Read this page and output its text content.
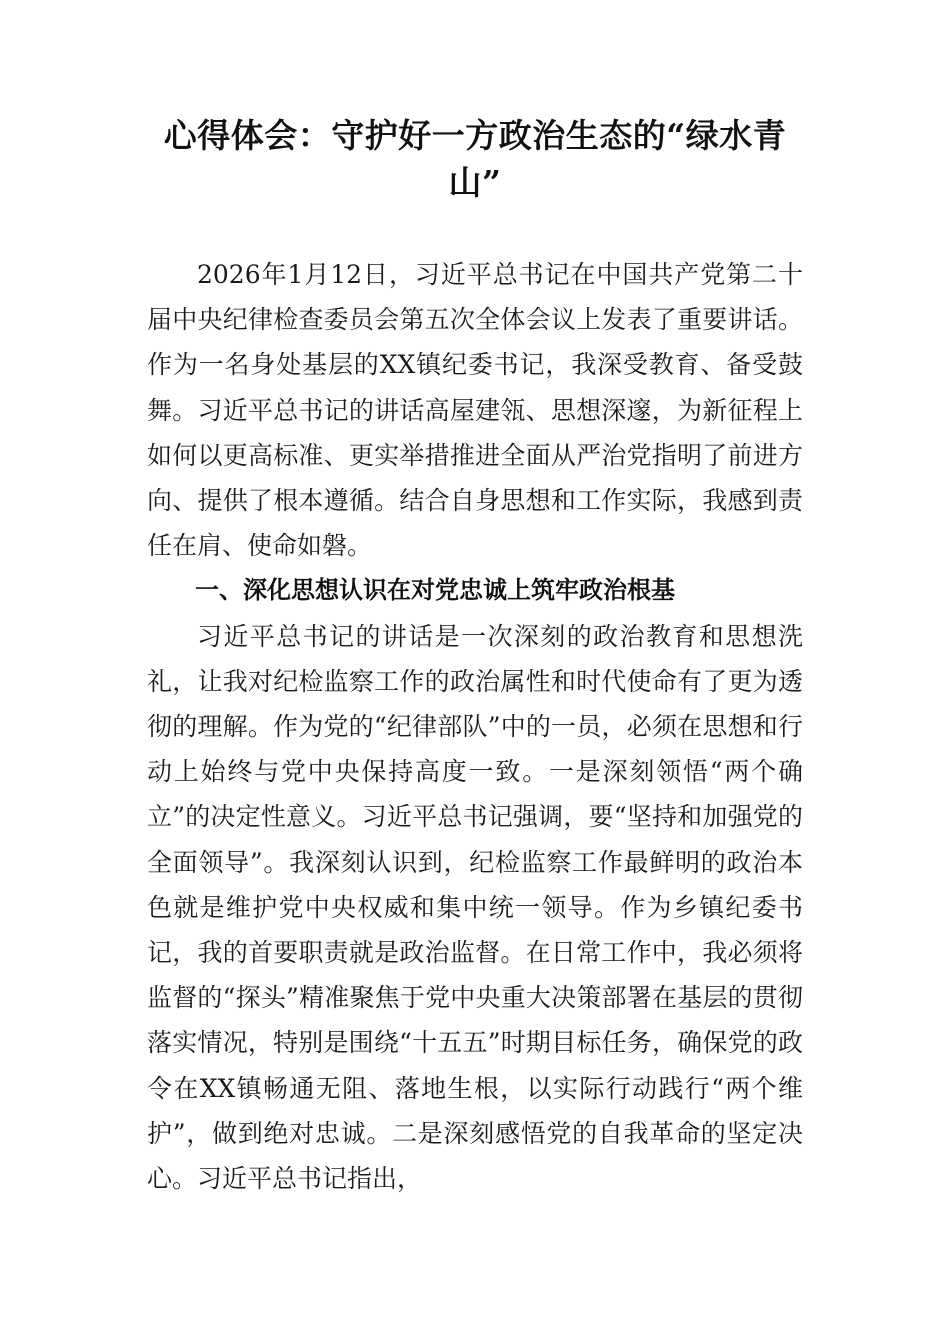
心得体会：守护好一方政治生态的“绿水青山”

2026年1月12日，习近平总书记在中国共产党第二十届中央纪律检查委员会第五次全体会议上发表了重要讲话。作为一名身处基层的XX镇纪委书记，我深受教育、备受鼓舞。习近平总书记的讲话高屋建瓴、思想深邃，为新征程上如何以更高标准、更实举措推进全面从严治党指明了前进方向、提供了根本遵循。结合自身思想和工作实际，我感到责任在肩、使命如磐。

一、深化思想认识在对党忠诚上筑牢政治根基

习近平总书记的讲话是一次深刻的政治教育和思想洗礼，让我对纪检监察工作的政治属性和时代使命有了更为透彻的理解。作为党的“纪律部队”中的一员，必须在思想和行动上始终与党中央保持高度一致。一是深刻领悟“两个确立”的决定性意义。习近平总书记强调，要“坚持和加强党的全面领导”。我深刻认识到，纪检监察工作最鲜明的政治本色就是维护党中央权威和集中统一领导。作为乡镇纪委书记，我的首要职责就是政治监督。在日常工作中，我必须将监督的“探头”精准聚焦于党中央重大决策部署在基层的贯彻落实情况，特别是围绕“十五五”时期目标任务，确保党的政令在XX镇畅通无阻、落地生根，以实际行动践行“两个维护”，做到绝对忠诚。二是深刻感悟党的自我革命的坚定决心。习近平总书记指出，
